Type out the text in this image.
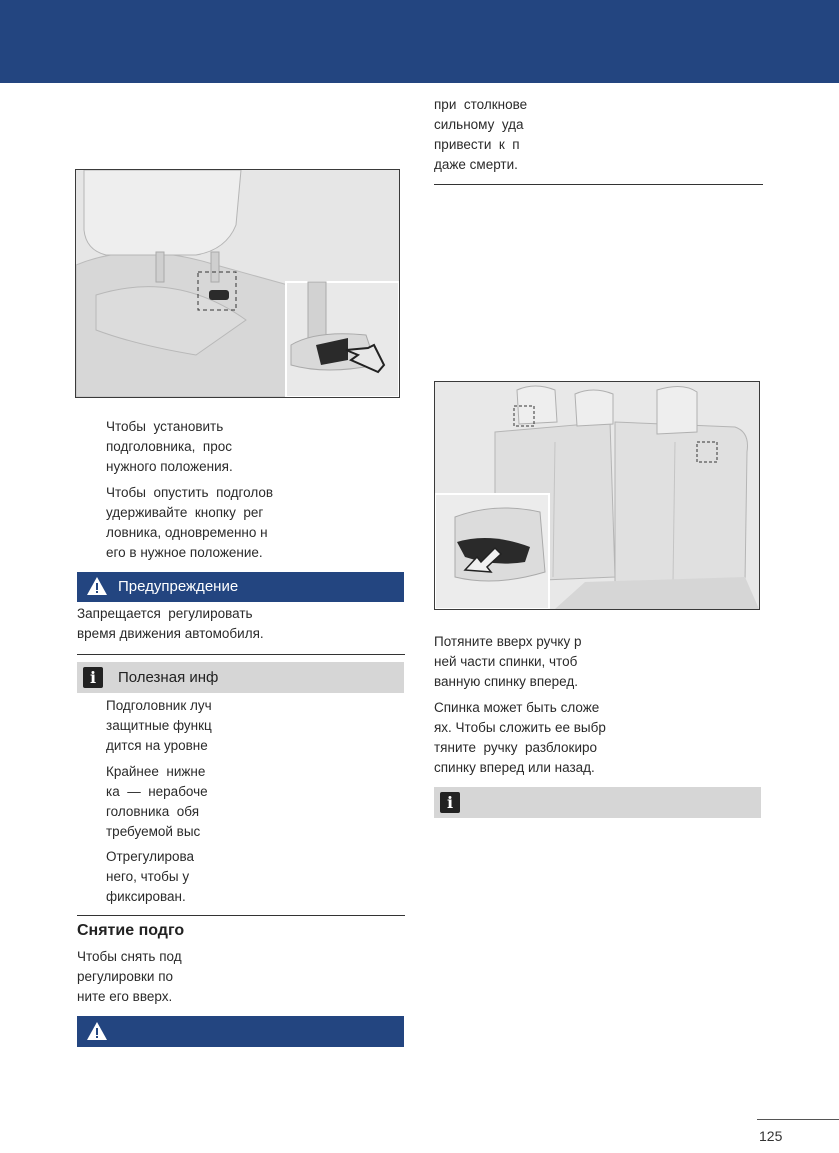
Чтобы  установить
подголовника,  прос
нужного положения.
Чтобы  опустить  подголов
удерживайте  кнопку  рег
ловника, одновременно н
его в нужное положение.
Предупреждение
Запрещается  регулировать
время движения автомобиля.
i	Полезная инф
Подголовник луч
защитные функц
дится на уровне
Крайнее  нижне
ка  —  нерабоче
головника  обя
требуемой выс
Отрегулирова
него, чтобы у
фиксирован.
Снятие подго
Чтобы снять под
регулировки по
ните его вверх.
при  столкнове
сильному  уда
привести  к  п
даже смерти.
Потяните вверх ручку р
ней части спинки, чтоб
ванную спинку вперед.
Спинка может быть сложе
ях. Чтобы сложить ее выбр
тяните  ручку  разблокиро
спинку вперед или назад.
i
125
